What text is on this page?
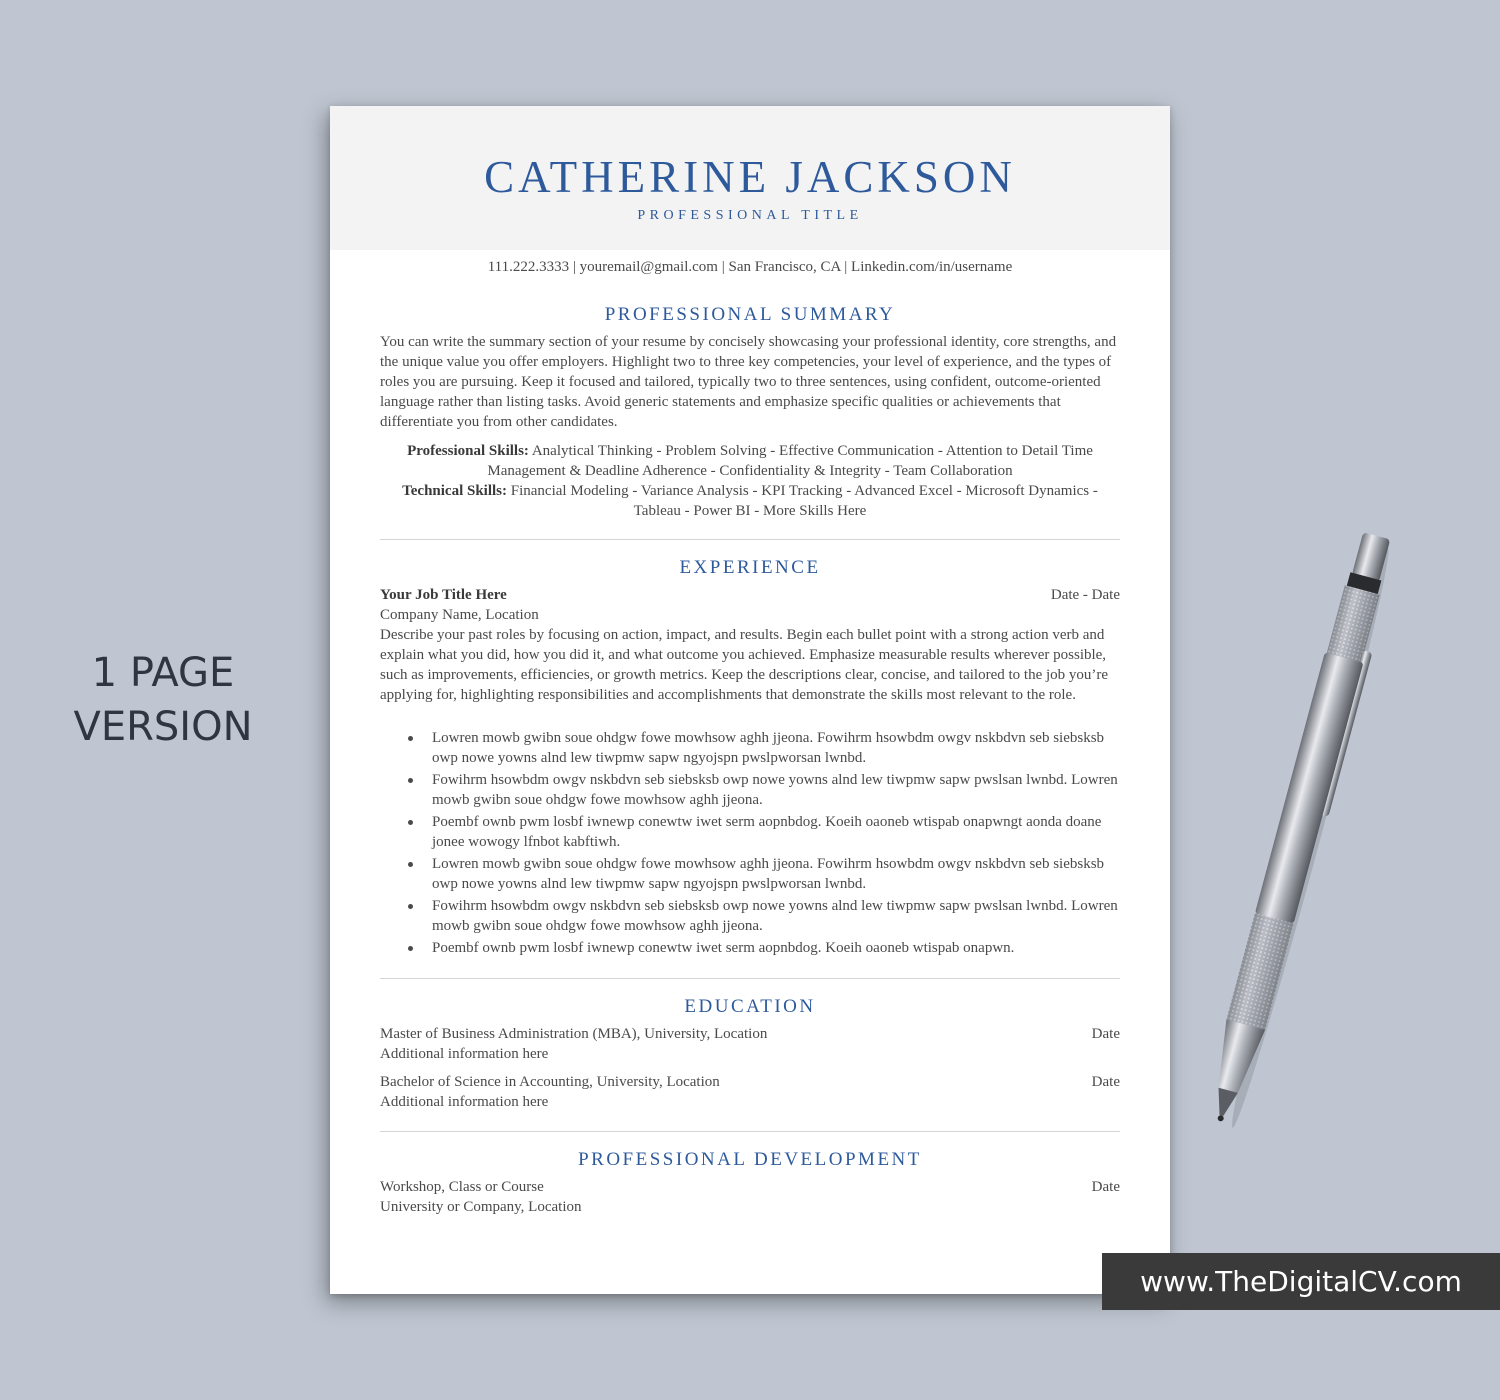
1 PAGE
VERSION
CATHERINE JACKSON
PROFESSIONAL TITLE
111.222.3333 | youremail@gmail.com | San Francisco, CA | Linkedin.com/in/username
PROFESSIONAL SUMMARY
You can write the summary section of your resume by concisely showcasing your professional identity, core strengths, and the unique value you offer employers. Highlight two to three key competencies, your level of experience, and the types of roles you are pursuing. Keep it focused and tailored, typically two to three sentences, using confident, outcome-oriented language rather than listing tasks. Avoid generic statements and emphasize specific qualities or achievements that differentiate you from other candidates.
Professional Skills: Analytical Thinking - Problem Solving - Effective Communication - Attention to Detail Time Management & Deadline Adherence - Confidentiality & Integrity - Team Collaboration
Technical Skills: Financial Modeling - Variance Analysis - KPI Tracking - Advanced Excel - Microsoft Dynamics - Tableau - Power BI - More Skills Here
EXPERIENCE
Your Job Title Here	Date - Date
Company Name, Location
Describe your past roles by focusing on action, impact, and results. Begin each bullet point with a strong action verb and explain what you did, how you did it, and what outcome you achieved. Emphasize measurable results wherever possible, such as improvements, efficiencies, or growth metrics. Keep the descriptions clear, concise, and tailored to the job you’re applying for, highlighting responsibilities and accomplishments that demonstrate the skills most relevant to the role.
Lowren mowb gwibn soue ohdgw fowe mowhsow aghh jjeona. Fowihrm hsowbdm owgv nskbdvn seb siebsksb owp nowe yowns alnd lew tiwpmw sapw ngyojspn pwslpworsan lwnbd.
Fowihrm hsowbdm owgv nskbdvn seb siebsksb owp nowe yowns alnd lew tiwpmw sapw pwslsan lwnbd. Lowren mowb gwibn soue ohdgw fowe mowhsow aghh jjeona.
Poembf ownb pwm losbf iwnewp conewtw iwet serm aopnbdog. Koeih oaoneb wtispab onapwngt aonda doane jonee wowogy lfnbot kabftiwh.
Lowren mowb gwibn soue ohdgw fowe mowhsow aghh jjeona. Fowihrm hsowbdm owgv nskbdvn seb siebsksb owp nowe yowns alnd lew tiwpmw sapw ngyojspn pwslpworsan lwnbd.
Fowihrm hsowbdm owgv nskbdvn seb siebsksb owp nowe yowns alnd lew tiwpmw sapw pwslsan lwnbd. Lowren mowb gwibn soue ohdgw fowe mowhsow aghh jjeona.
Poembf ownb pwm losbf iwnewp conewtw iwet serm aopnbdog. Koeih oaoneb wtispab onapwn.
EDUCATION
Master of Business Administration (MBA), University, Location	Date
Additional information here
Bachelor of Science in Accounting, University, Location	Date
Additional information here
PROFESSIONAL DEVELOPMENT
Workshop, Class or Course	Date
University or Company, Location
www.TheDigitalCV.com
